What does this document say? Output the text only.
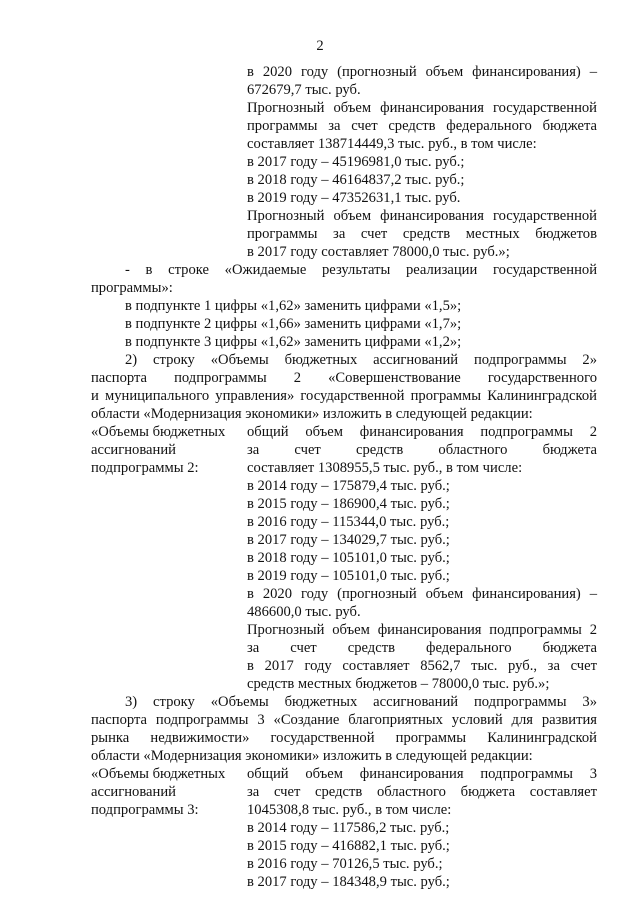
2
в 2020 году (прогнозный объем финансирования) –
672679,7 тыс. руб.
Прогнозный объем финансирования государственной
программы за счет средств федерального бюджета
составляет 138714449,3 тыс. руб., в том числе:
в 2017 году – 45196981,0 тыс. руб.;
в 2018 году – 46164837,2 тыс. руб.;
в 2019 году – 47352631,1 тыс. руб.
Прогнозный объем финансирования государственной
программы за счет средств местных бюджетов
в 2017 году составляет 78000,0 тыс. руб.»;
- в строке «Ожидаемые результаты реализации государственной
программы»:
в подпункте 1 цифры «1,62» заменить цифрами «1,5»;
в подпункте 2 цифры «1,66» заменить цифрами «1,7»;
в подпункте 3 цифры «1,62» заменить цифрами «1,2»;
2) строку «Объемы бюджетных ассигнований подпрограммы 2»
паспорта подпрограммы 2 «Совершенствование государственного
и муниципального управления» государственной программы Калининградской
области «Модернизация экономики» изложить в следующей редакции:
«Объемы бюджетных
ассигнований
подпрограммы 2:
общий объем финансирования подпрограммы 2
за счет средств областного бюджета
составляет 1308955,5 тыс. руб., в том числе:
в 2014 году – 175879,4 тыс. руб.;
в 2015 году – 186900,4 тыс. руб.;
в 2016 году – 115344,0 тыс. руб.;
в 2017 году – 134029,7 тыс. руб.;
в 2018 году – 105101,0 тыс. руб.;
в 2019 году – 105101,0 тыс. руб.;
в 2020 году (прогнозный объем финансирования) –
486600,0 тыс. руб.
Прогнозный объем финансирования подпрограммы 2
за счет средств федерального бюджета
в 2017 году составляет 8562,7 тыс. руб., за счет
средств местных бюджетов – 78000,0 тыс. руб.»;
3) строку «Объемы бюджетных ассигнований подпрограммы 3»
паспорта подпрограммы 3 «Создание благоприятных условий для развития
рынка недвижимости» государственной программы Калининградской
области «Модернизация экономики» изложить в следующей редакции:
«Объемы бюджетных
ассигнований
подпрограммы 3:
общий объем финансирования подпрограммы 3
за счет средств областного бюджета составляет
1045308,8 тыс. руб., в том числе:
в 2014 году – 117586,2 тыс. руб.;
в 2015 году – 416882,1 тыс. руб.;
в 2016 году – 70126,5 тыс. руб.;
в 2017 году – 184348,9 тыс. руб.;
